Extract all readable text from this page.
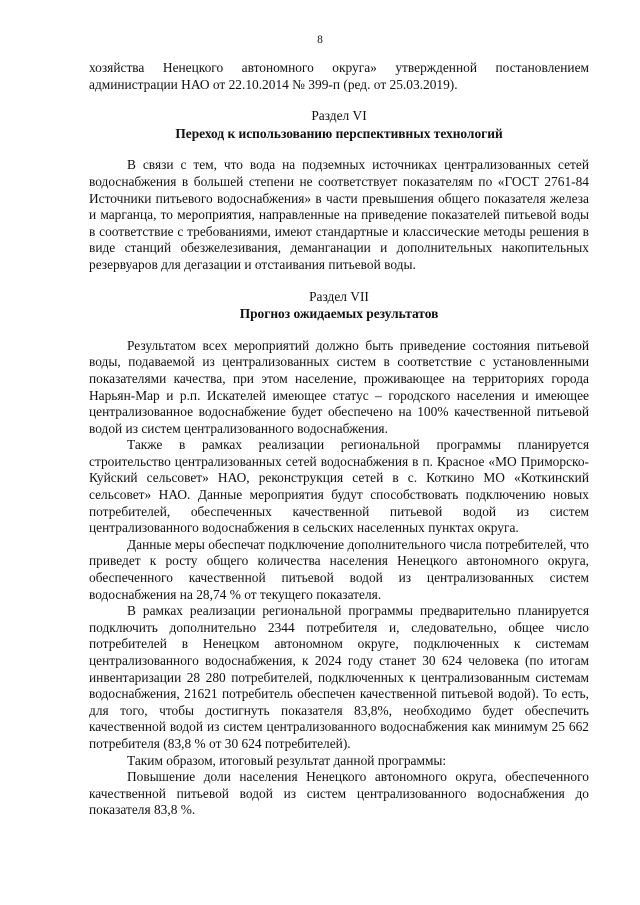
8

хозяйства Ненецкого автономного округа» утвержденной постановлением администрации НАО от 22.10.2014 № 399-п (ред. от 25.03.2019).

Раздел VI

Переход к использованию перспективных технологий

В связи с тем, что вода на подземных источниках централизованных сетей водоснабжения в большей степени не соответствует показателям по «ГОСТ 2761-84 Источники питьевого водоснабжения» в части превышения общего показателя железа и марганца, то мероприятия, направленные на приведение показателей питьевой воды в соответствие с требованиями, имеют стандартные и классические методы решения в виде станций обезжелезивания, деманганации и дополнительных накопительных резервуаров для дегазации и отстаивания питьевой воды.

Раздел VII

Прогноз ожидаемых результатов

Результатом всех мероприятий должно быть приведение состояния питьевой воды, подаваемой из централизованных систем в соответствие с установленными показателями качества, при этом население, проживающее на территориях города Нарьян-Мар и р.п. Искателей имеющее статус – городского населения и имеющее централизованное водоснабжение будет обеспечено на 100% качественной питьевой водой из систем централизованного водоснабжения.

Также в рамках реализации региональной программы планируется строительство централизованных сетей водоснабжения в п. Красное «МО Приморско-Куйский сельсовет» НАО, реконструкция сетей в с. Коткино МО «Коткинский сельсовет» НАО. Данные мероприятия будут способствовать подключению новых потребителей, обеспеченных качественной питьевой водой из систем централизованного водоснабжения в сельских населенных пунктах округа.

Данные меры обеспечат подключение дополнительного числа потребителей, что приведет к росту общего количества населения Ненецкого автономного округа, обеспеченного качественной питьевой водой из централизованных систем водоснабжения на 28,74 % от текущего показателя.

В рамках реализации региональной программы предварительно планируется подключить дополнительно 2344 потребителя и, следовательно, общее число потребителей в Ненецком автономном округе, подключенных к системам централизованного водоснабжения, к 2024 году станет 30 624 человека (по итогам инвентаризации 28 280 потребителей, подключенных к централизованным системам водоснабжения, 21621 потребитель обеспечен качественной питьевой водой). То есть, для того, чтобы достигнуть показателя 83,8%, необходимо будет обеспечить качественной водой из систем централизованного водоснабжения как минимум 25 662 потребителя (83,8 % от 30 624 потребителей).

Таким образом, итоговый результат данной программы:

Повышение доли населения Ненецкого автономного округа, обеспеченного качественной питьевой водой из систем централизованного водоснабжения до показателя 83,8 %.
